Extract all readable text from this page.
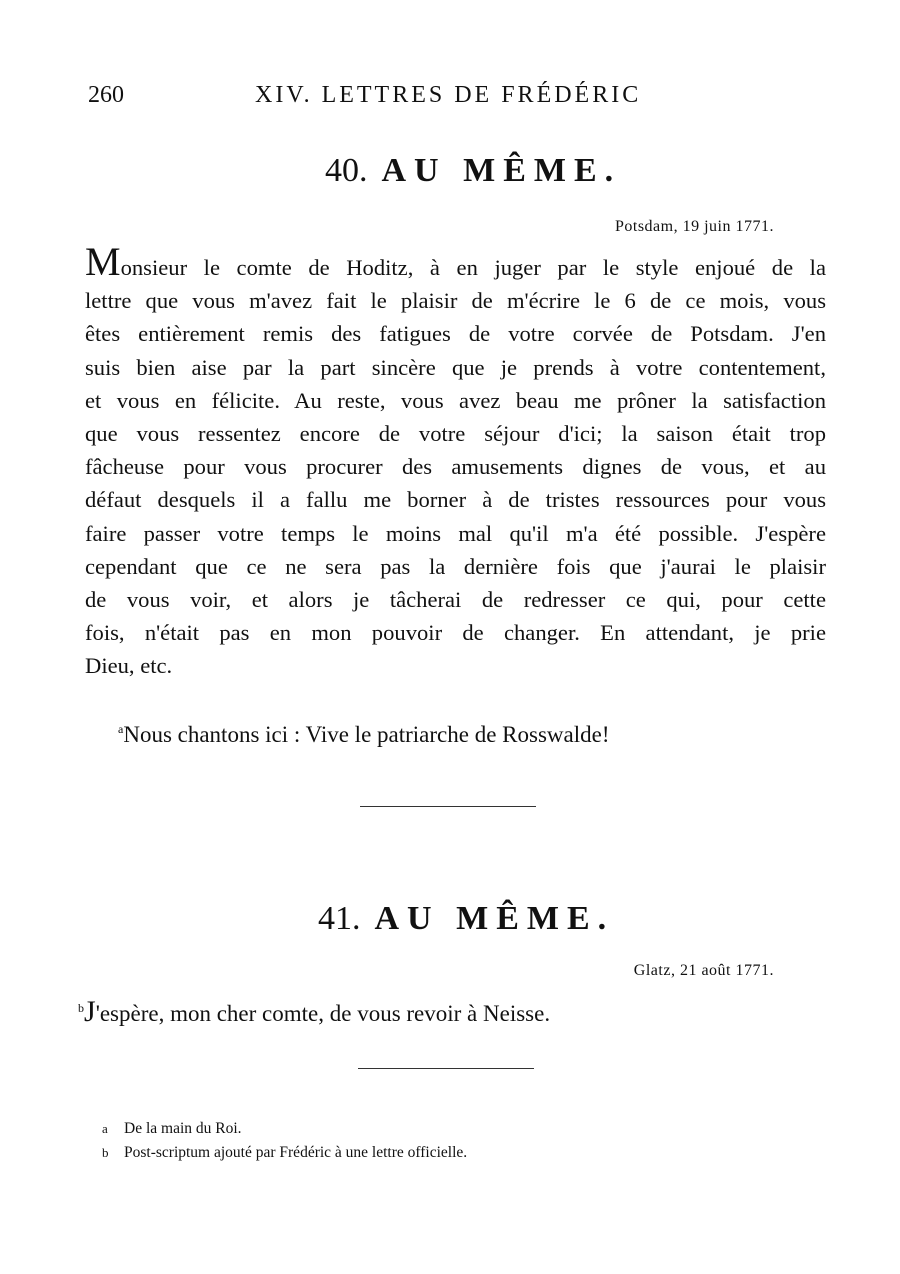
260	XIV. LETTRES DE FRÉDÉRIC
40. AU MÊME.
Potsdam, 19 juin 1771.
Monsieur le comte de Hoditz, à en juger par le style enjoué de la
lettre que vous m'avez fait le plaisir de m'écrire le 6 de ce mois, vous
êtes entièrement remis des fatigues de votre corvée de Potsdam. J'en
suis bien aise par la part sincère que je prends à votre contentement,
et vous en félicite. Au reste, vous avez beau me prôner la satisfaction
que vous ressentez encore de votre séjour d'ici; la saison était trop
fâcheuse pour vous procurer des amusements dignes de vous, et au
défaut desquels il a fallu me borner à de tristes ressources pour vous
faire passer votre temps le moins mal qu'il m'a été possible. J'espère
cependant que ce ne sera pas la dernière fois que j'aurai le plaisir
de vous voir, et alors je tâcherai de redresser ce qui, pour cette
fois, n'était pas en mon pouvoir de changer. En attendant, je prie
Dieu, etc.
$^a$Nous chantons ici : Vive le patriarche de Rosswalde!
41. AU MÊME.
Glatz, 21 août 1771.
$^b$J'espère, mon cher comte, de vous revoir à Neisse.
a De la main du Roi.
b Post-scriptum ajouté par Frédéric à une lettre officielle.
